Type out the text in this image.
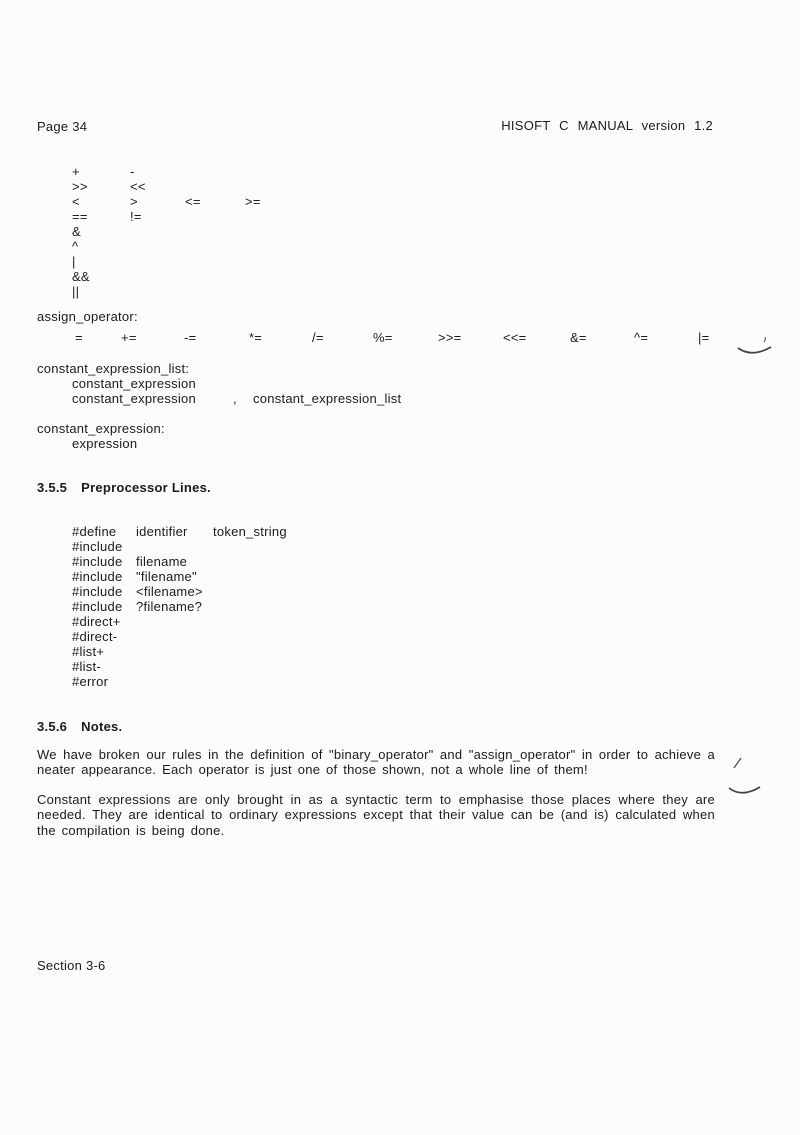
Page 34	HISOFT C MANUAL version 1.2
+	-
>>	<<
<	>	<=	>=
==	!=
&
^
|
&&
||
assign_operator:
=	+=	-=	*=	/=	%=	>>=	<<=	&=	^=	|=
constant_expression_list:
constant_expression
constant_expression	, constant_expression_list
constant_expression:
expression
3.5.5 Preprocessor Lines.
#define	identifier	token_string
#include
#include	filename
#include	"filename"
#include	<filename>
#include	?filename?
#direct+
#direct-
#list+
#list-
#error
3.5.6 Notes.

We have broken our rules in the definition of "binary_operator" and "assign_operator" in order to achieve a neater appearance. Each operator is just one of those shown, not a whole line of them!

Constant expressions are only brought in as a syntactic term to emphasise those places where they are needed. They are identical to ordinary expressions except that their value can be (and is) calculated when the compilation is being done.

Section 3-6
